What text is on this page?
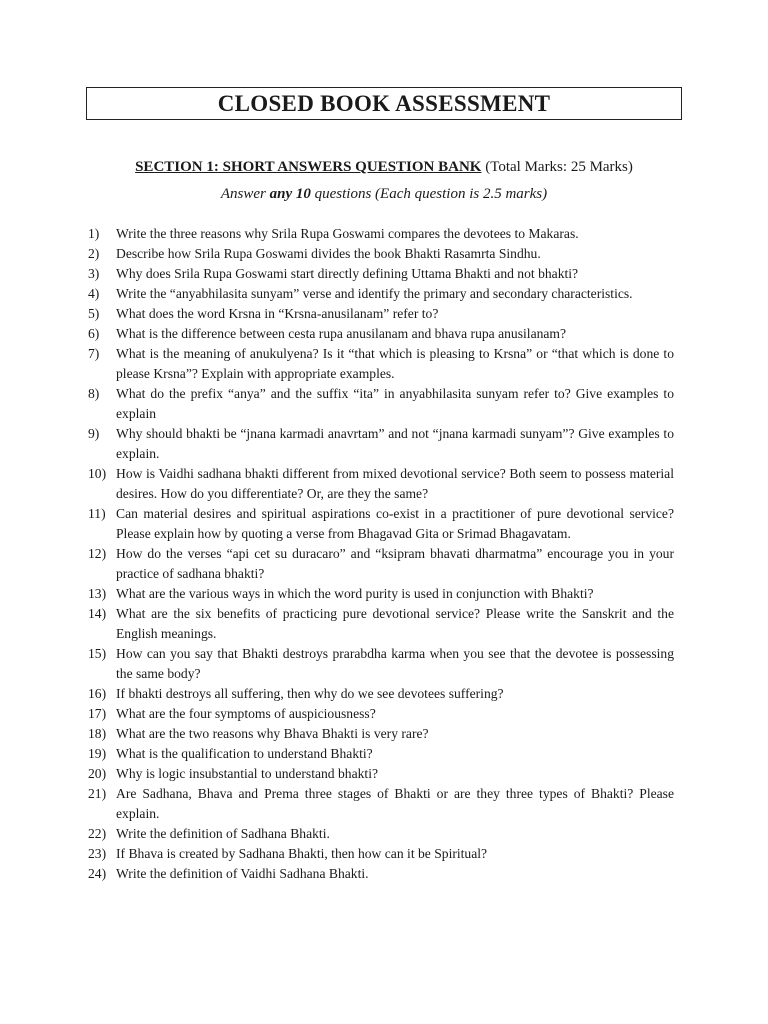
CLOSED BOOK ASSESSMENT
SECTION 1: SHORT ANSWERS QUESTION BANK (Total Marks: 25 Marks)
Answer any 10 questions (Each question is 2.5 marks)
1)	Write the three reasons why Srila Rupa Goswami compares the devotees to Makaras.
2)	Describe how Srila Rupa Goswami divides the book Bhakti Rasamrta Sindhu.
3)	Why does Srila Rupa Goswami start directly defining Uttama Bhakti and not bhakti?
4)	Write the “anyabhilasita sunyam” verse and identify the primary and secondary characteristics.
5)	What does the word Krsna in “Krsna-anusilanam” refer to?
6)	What is the difference between cesta rupa anusilanam and bhava rupa anusilanam?
7)	What is the meaning of anukulyena? Is it “that which is pleasing to Krsna” or “that which is done to please Krsna”? Explain with appropriate examples.
8)	What do the prefix “anya” and the suffix “ita” in anyabhilasita sunyam refer to? Give examples to explain
9)	Why should bhakti be “jnana karmadi anavrtam” and not “jnana karmadi sunyam”? Give examples to explain.
10) How is Vaidhi sadhana bhakti different from mixed devotional service? Both seem to possess material desires. How do you differentiate? Or, are they the same?
11) Can material desires and spiritual aspirations co-exist in a practitioner of pure devotional service? Please explain how by quoting a verse from Bhagavad Gita or Srimad Bhagavatam.
12) How do the verses “api cet su duracaro” and “ksipram bhavati dharmatma” encourage you in your practice of sadhana bhakti?
13) What are the various ways in which the word purity is used in conjunction with Bhakti?
14) What are the six benefits of practicing pure devotional service? Please write the Sanskrit and the English meanings.
15) How can you say that Bhakti destroys prarabdha karma when you see that the devotee is possessing the same body?
16) If bhakti destroys all suffering, then why do we see devotees suffering?
17) What are the four symptoms of auspiciousness?
18) What are the two reasons why Bhava Bhakti is very rare?
19) What is the qualification to understand Bhakti?
20) Why is logic insubstantial to understand bhakti?
21) Are Sadhana, Bhava and Prema three stages of Bhakti or are they three types of Bhakti? Please explain.
22) Write the definition of Sadhana Bhakti.
23) If Bhava is created by Sadhana Bhakti, then how can it be Spiritual?
24) Write the definition of Vaidhi Sadhana Bhakti.
